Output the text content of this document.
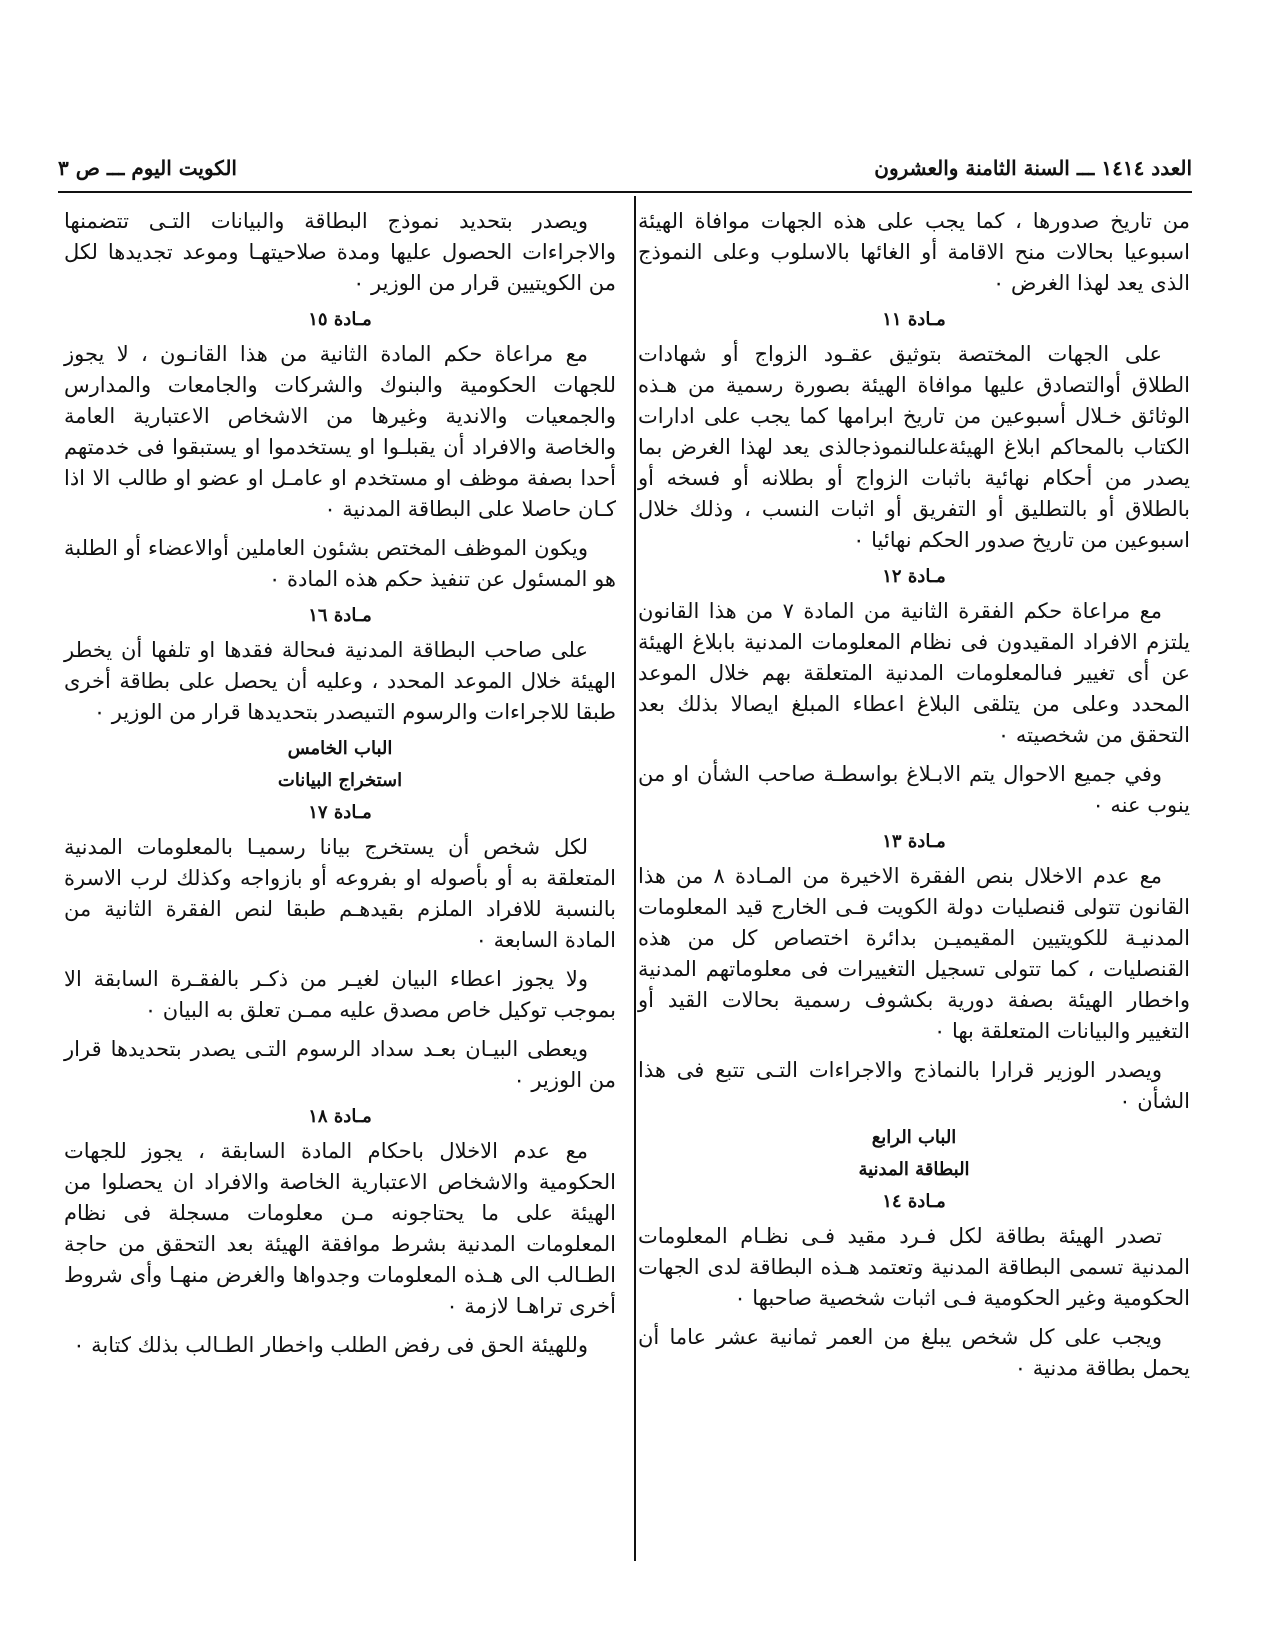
العدد ١٤١٤ ـــ السنة الثامنة والعشرون
الكويت اليوم ـــ ص ٣

من تاريخ صدورها ، كما يجب على هذه الجهات موافاة الهيئة اسبوعيا بحالات منح الاقامة أو الغائها بالاسلوب وعلى النموذج الذى يعد لهذا الغرض ٠

مـادة ١١

على الجهات المختصة بتوثيق عقـود الزواج أو شهادات الطلاق أوالتصادق عليها موافاة الهيئة بصورة رسمية من هـذه الوثائق خـلال أسبوعين من تاريخ ابرامها كما يجب على ادارات الكتاب بالمحاكم ابلاغ الهيئةعلىالنموذجالذى يعد لهذا الغرض بما يصدر من أحكام نهائية باثبات الزواج أو بطلانه أو فسخه أو بالطلاق أو بالتطليق أو التفريق أو اثبات النسب ، وذلك خلال اسبوعين من تاريخ صدور الحكم نهائيا ٠

مـادة ١٢

مع مراعاة حكم الفقرة الثانية من المادة ٧ من هذا القانون يلتزم الافراد المقيدون فى نظام المعلومات المدنية بابلاغ الهيئة عن أى تغيير فىالمعلومات المدنية المتعلقة بهم خلال الموعد المحدد وعلى من يتلقى البلاغ اعطاء المبلغ ايصالا بذلك بعد التحقق من شخصيته ٠

وفي جميع الاحوال يتم الابـلاغ بواسطـة صاحب الشأن او من ينوب عنه ٠

مـادة ١٣

مع عدم الاخلال بنص الفقرة الاخيرة من المـادة ٨ من هذا القانون تتولى قنصليات دولة الكويت فـى الخارج قيد المعلومات المدنيـة للكويتيين المقيميـن بدائرة اختصاص كل من هذه القنصليات ، كما تتولى تسجيل التغييرات فى معلوماتهم المدنية واخطار الهيئة بصفة دورية بكشوف رسمية بحالات القيد أو التغيير والبيانات المتعلقة بها ٠

ويصدر الوزير قرارا بالنماذج والاجراءات التـى تتبع فى هذا الشأن ٠

الباب الرابع
البطاقة المدنية
مـادة ١٤

تصدر الهيئة بطاقة لكل فـرد مقيد فـى نظـام المعلومات المدنية تسمى البطاقة المدنية وتعتمد هـذه البطاقة لدى الجهات الحكومية وغير الحكومية فـى اثبات شخصية صاحبها ٠

ويجب على كل شخص يبلغ من العمر ثمانية عشر عاما أن يحمل بطاقة مدنية ٠

ويصدر بتحديد نموذج البطاقة والبيانات التـى تتضمنها والاجراءات الحصول عليها ومدة صلاحيتهـا وموعد تجديدها لكل من الكويتيين قرار من الوزير ٠

مـادة ١٥

مع مراعاة حكم المادة الثانية من هذا القانـون ، لا يجوز للجهات الحكومية والبنوك والشركات والجامعات والمدارس والجمعيات والاندية وغيرها من الاشخاص الاعتبارية العامة والخاصة والافراد أن يقبلـوا او يستخدموا او يستبقوا فى خدمتهم أحدا بصفة موظف او مستخدم او عامـل او عضو او طالب الا اذا كـان حاصلا على البطاقة المدنية ٠

ويكون الموظف المختص بشئون العاملين أوالاعضاء أو الطلبة هو المسئول عن تنفيذ حكم هذه المادة ٠

مـادة ١٦

على صاحب البطاقة المدنية فىحالة فقدها او تلفها أن يخطر الهيئة خلال الموعد المحدد ، وعليه أن يحصل على بطاقة أخرى طبقا للاجراءات والرسوم التىيصدر بتحديدها قرار من الوزير ٠

الباب الخامس
استخراج البيانات
مـادة ١٧

لكل شخص أن يستخرج بيانا رسميـا بالمعلومات المدنية المتعلقة به أو بأصوله او بفروعه أو بازواجه وكذلك لرب الاسرة بالنسبة للافراد الملزم بقيدهـم طبقا لنص الفقرة الثانية من المادة السابعة ٠

ولا يجوز اعطاء البيان لغيـر من ذكـر بالفقـرة السابقة الا بموجب توكيل خاص مصدق عليه ممـن تعلق به البيان ٠

ويعطى البيـان بعـد سداد الرسوم التـى يصدر بتحديدها قرار من الوزير ٠

مـادة ١٨

مع عدم الاخلال باحكام المادة السابقة ، يجوز للجهات الحكومية والاشخاص الاعتبارية الخاصة والافراد ان يحصلوا من الهيئة على ما يحتاجونه مـن معلومات مسجلة فى نظام المعلومات المدنية بشرط موافقة الهيئة بعد التحقق من حاجة الطـالب الى هـذه المعلومات وجدواها والغرض منهـا وأى شروط أخرى تراهـا لازمة ٠

وللهيئة الحق فى رفض الطلب واخطار الطـالب بذلك كتابة ٠
